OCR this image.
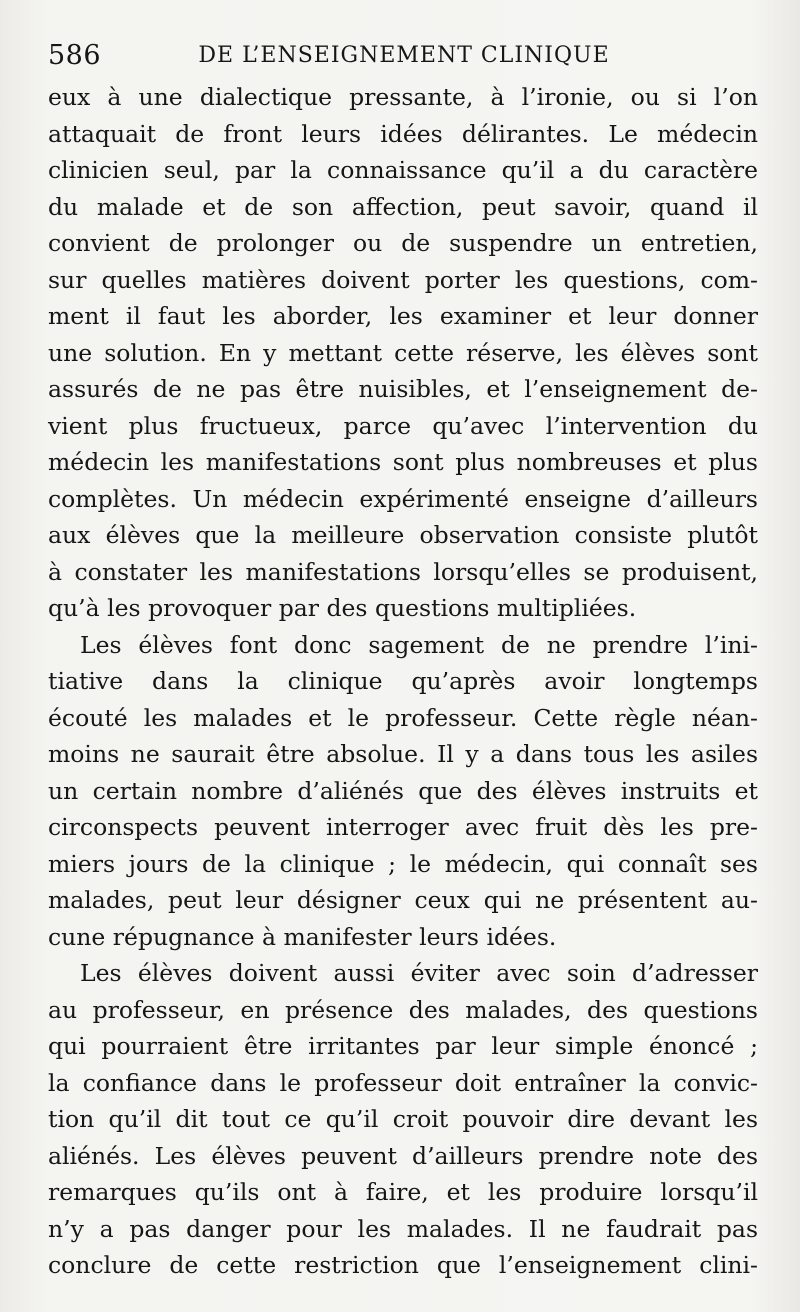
586	DE L’ENSEIGNEMENT CLINIQUE
eux à une dialectique pressante, à l’ironie, ou si l’on
attaquait de front leurs idées délirantes. Le médecin
clinicien seul, par la connaissance qu’il a du caractère
du malade et de son affection, peut savoir, quand il
convient de prolonger ou de suspendre un entretien,
sur quelles matières doivent porter les questions, com-
ment il faut les aborder, les examiner et leur donner
une solution. En y mettant cette réserve, les élèves sont
assurés de ne pas être nuisibles, et l’enseignement de-
vient plus fructueux, parce qu’avec l’intervention du
médecin les manifestations sont plus nombreuses et plus
complètes. Un médecin expérimenté enseigne d’ailleurs
aux élèves que la meilleure observation consiste plutôt
à constater les manifestations lorsqu’elles se produisent,
qu’à les provoquer par des questions multipliées.
Les élèves font donc sagement de ne prendre l’ini-
tiative dans la clinique qu’après avoir longtemps
écouté les malades et le professeur. Cette règle néan-
moins ne saurait être absolue. Il y a dans tous les asiles
un certain nombre d’aliénés que des élèves instruits et
circonspects peuvent interroger avec fruit dès les pre-
miers jours de la clinique ; le médecin, qui connaît ses
malades, peut leur désigner ceux qui ne présentent au-
cune répugnance à manifester leurs idées.
Les élèves doivent aussi éviter avec soin d’adresser
au professeur, en présence des malades, des questions
qui pourraient être irritantes par leur simple énoncé ;
la confiance dans le professeur doit entraîner la convic-
tion qu’il dit tout ce qu’il croit pouvoir dire devant les
aliénés. Les élèves peuvent d’ailleurs prendre note des
remarques qu’ils ont à faire, et les produire lorsqu’il
n’y a pas danger pour les malades. Il ne faudrait pas
conclure de cette restriction que l’enseignement clini-
